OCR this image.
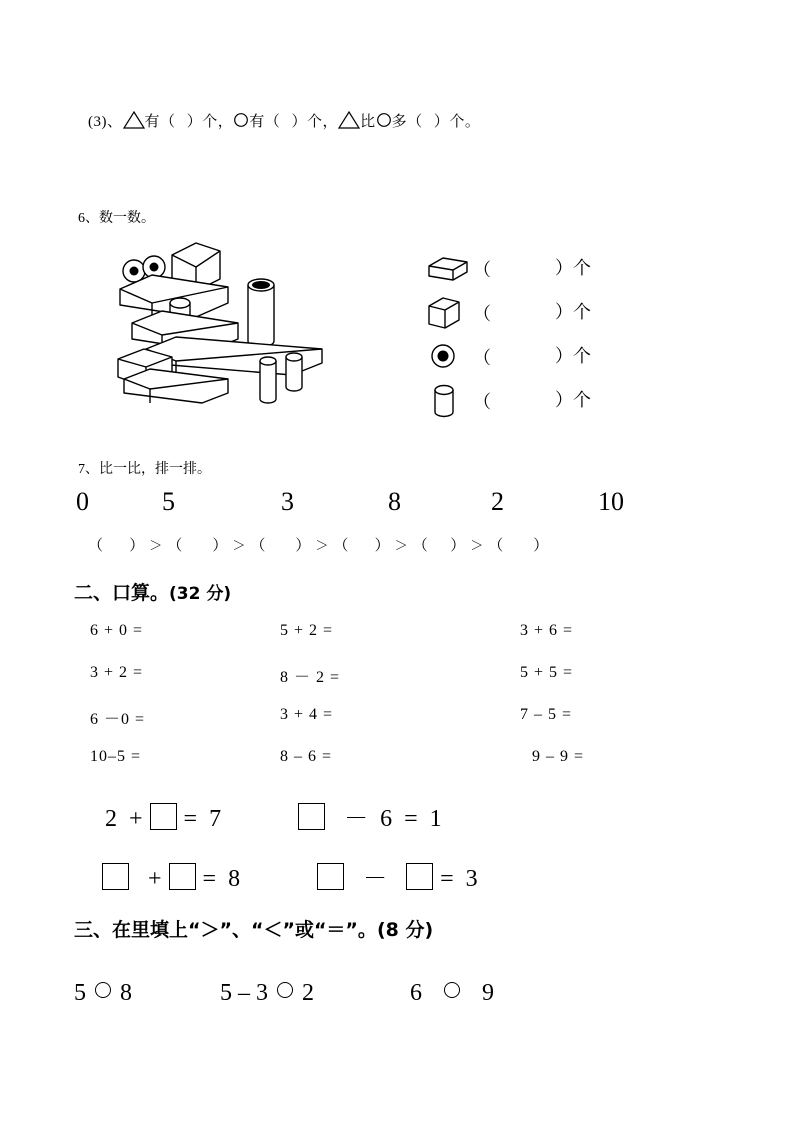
(3)、 有（ ）个， 有（ ）个， 比 多（ ）个。
6、数一数。
（	）个
（	）个
（	）个
（	）个
7、比一比，排一排。
0	5	3	8	2	10
（ ） ＞ （ ） ＞ （ ） ＞ （ ） ＞ （ ） ＞ （ ）
二、口算。(32 分)
6 + 0 =	5 + 2 =	3 + 6 =
3 + 2 =	8 － 2 =	5 + 5 =
6 －0 =	3 + 4 =	7 – 5 =
10–5 =	8 – 6 =	9 – 9 =
2 + = 7	－ 6 = 1
+ = 8	－ = 3
三、在里填上“＞”、“＜”或“＝”。(8 分)
5 8	5 – 3 2	6	9
